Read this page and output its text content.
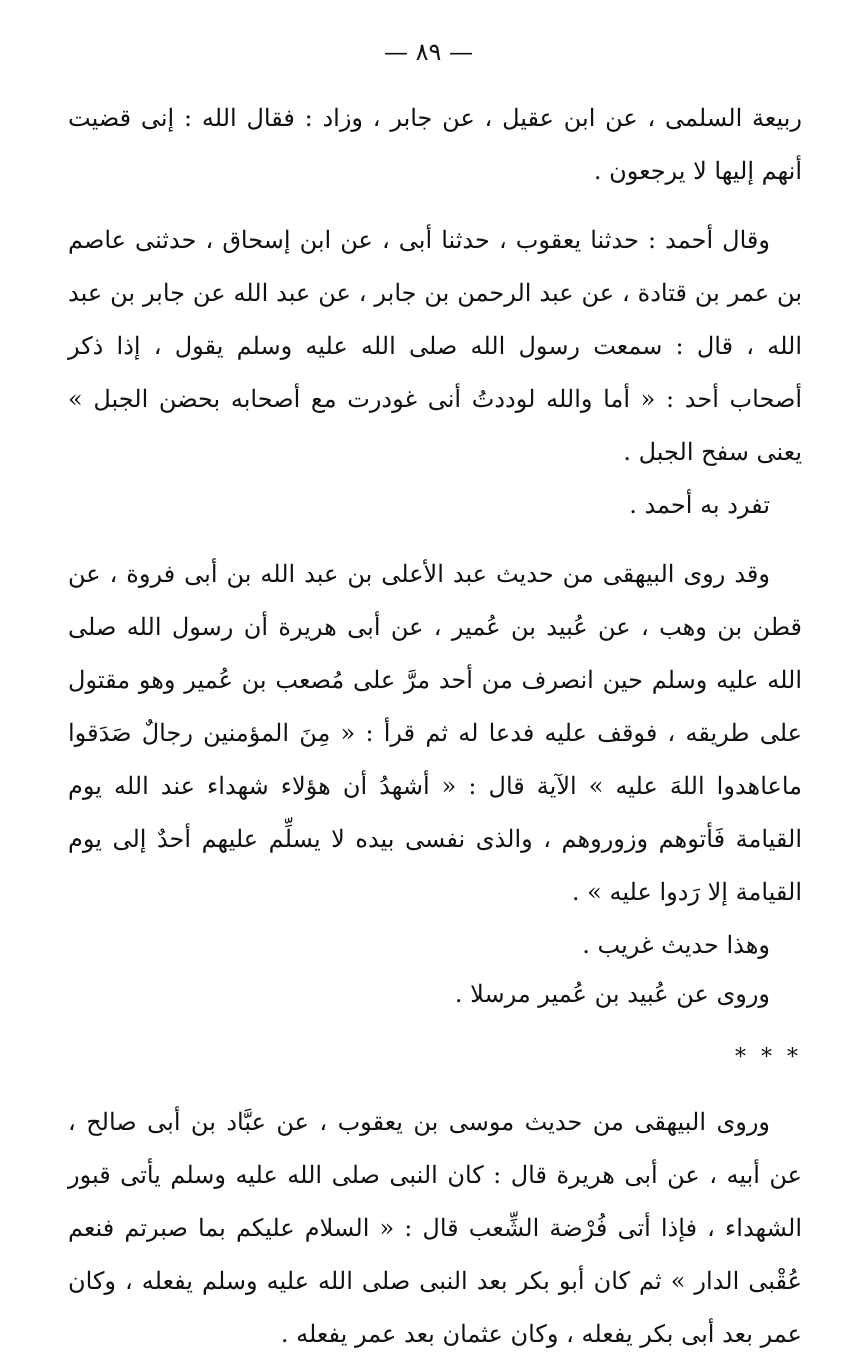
— ٨٩ —

ربيعة السلمى ، عن ابن عقيل ، عن جابر ، وزاد : فقال الله : إنى قضيت أنهم إليها لا يرجعون .

وقال أحمد : حدثنا يعقوب ، حدثنا أبى ، عن ابن إسحاق ، حدثنى عاصم بن عمر بن قتادة ، عن عبد الرحمن بن جابر ، عن عبد الله عن جابر بن عبد الله ، قال : سمعت رسول الله صلى الله عليه وسلم يقول ، إذا ذكر أصحاب أحد : « أما والله لوددتُ أنى غودرت مع أصحابه بحضن الجبل » يعنى سفح الجبل .

تفرد به أحمد .

وقد روى البيهقى من حديث عبد الأعلى بن عبد الله بن أبى فروة ، عن قطن بن وهب ، عن عُبيد بن عُمير ، عن أبى هريرة أن رسول الله صلى الله عليه وسلم حين انصرف من أحد مرَّ على مُصعب بن عُمير وهو مقتول على طريقه ، فوقف عليه فدعا له ثم قرأ : « مِنَ المؤمنين رجالٌ صَدَقوا ماعاهدوا اللهَ عليه » الآية قال : « أشهدُ أن هؤلاء شهداء عند الله يوم القيامة فَأتوهم وزوروهم ، والذى نفسى بيده لا يسلِّم عليهم أحدٌ إلى يوم القيامة إلا رَدوا عليه » .

وهذا حديث غريب .

وروى عن عُبيد بن عُمير مرسلا .

* * *

وروى البيهقى من حديث موسى بن يعقوب ، عن عبَّاد بن أبى صالح ، عن أبيه ، عن أبى هريرة قال : كان النبى صلى الله عليه وسلم يأتى قبور الشهداء ، فإذا أتى فُرْضة الشِّعب قال : « السلام عليكم بما صبرتم فنعم عُقْبى الدار » ثم كان أبو بكر بعد النبى صلى الله عليه وسلم يفعله ، وكان عمر بعد أبى بكر يفعله ، وكان عثمان بعد عمر يفعله .
